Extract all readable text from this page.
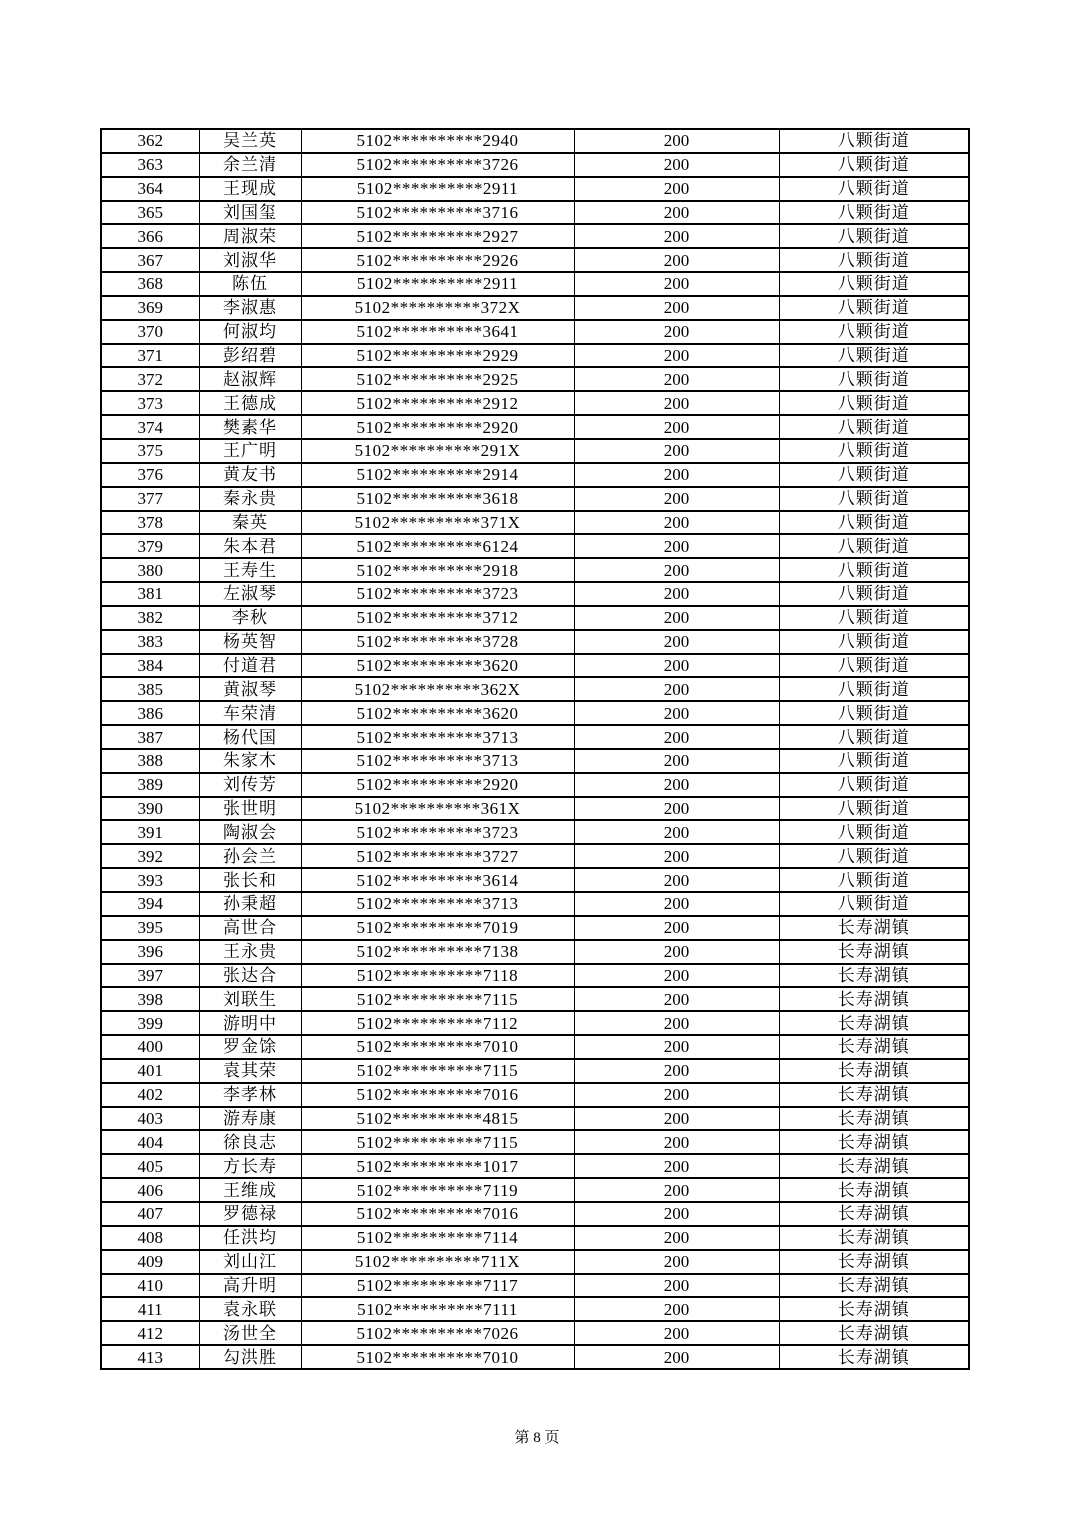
362	吴兰英	5102**********2940	200	八颗街道
363	余兰清	5102**********3726	200	八颗街道
364	王现成	5102**********2911	200	八颗街道
365	刘国玺	5102**********3716	200	八颗街道
366	周淑荣	5102**********2927	200	八颗街道
367	刘淑华	5102**********2926	200	八颗街道
368	陈伍	5102**********2911	200	八颗街道
369	李淑惠	5102**********372X	200	八颗街道
370	何淑均	5102**********3641	200	八颗街道
371	彭绍碧	5102**********2929	200	八颗街道
372	赵淑辉	5102**********2925	200	八颗街道
373	王德成	5102**********2912	200	八颗街道
374	樊素华	5102**********2920	200	八颗街道
375	王广明	5102**********291X	200	八颗街道
376	黄友书	5102**********2914	200	八颗街道
377	秦永贵	5102**********3618	200	八颗街道
378	秦英	5102**********371X	200	八颗街道
379	朱本君	5102**********6124	200	八颗街道
380	王寿生	5102**********2918	200	八颗街道
381	左淑琴	5102**********3723	200	八颗街道
382	李秋	5102**********3712	200	八颗街道
383	杨英智	5102**********3728	200	八颗街道
384	付道君	5102**********3620	200	八颗街道
385	黄淑琴	5102**********362X	200	八颗街道
386	车荣清	5102**********3620	200	八颗街道
387	杨代国	5102**********3713	200	八颗街道
388	朱家木	5102**********3713	200	八颗街道
389	刘传芳	5102**********2920	200	八颗街道
390	张世明	5102**********361X	200	八颗街道
391	陶淑会	5102**********3723	200	八颗街道
392	孙会兰	5102**********3727	200	八颗街道
393	张长和	5102**********3614	200	八颗街道
394	孙秉超	5102**********3713	200	八颗街道
395	高世合	5102**********7019	200	长寿湖镇
396	王永贵	5102**********7138	200	长寿湖镇
397	张达合	5102**********7118	200	长寿湖镇
398	刘联生	5102**********7115	200	长寿湖镇
399	游明中	5102**********7112	200	长寿湖镇
400	罗金馀	5102**********7010	200	长寿湖镇
401	袁其荣	5102**********7115	200	长寿湖镇
402	李孝林	5102**********7016	200	长寿湖镇
403	游寿康	5102**********4815	200	长寿湖镇
404	徐良志	5102**********7115	200	长寿湖镇
405	方长寿	5102**********1017	200	长寿湖镇
406	王维成	5102**********7119	200	长寿湖镇
407	罗德禄	5102**********7016	200	长寿湖镇
408	任洪均	5102**********7114	200	长寿湖镇
409	刘山江	5102**********711X	200	长寿湖镇
410	高升明	5102**********7117	200	长寿湖镇
411	袁永联	5102**********7111	200	长寿湖镇
412	汤世全	5102**********7026	200	长寿湖镇
413	勾洪胜	5102**********7010	200	长寿湖镇
第 8 页
